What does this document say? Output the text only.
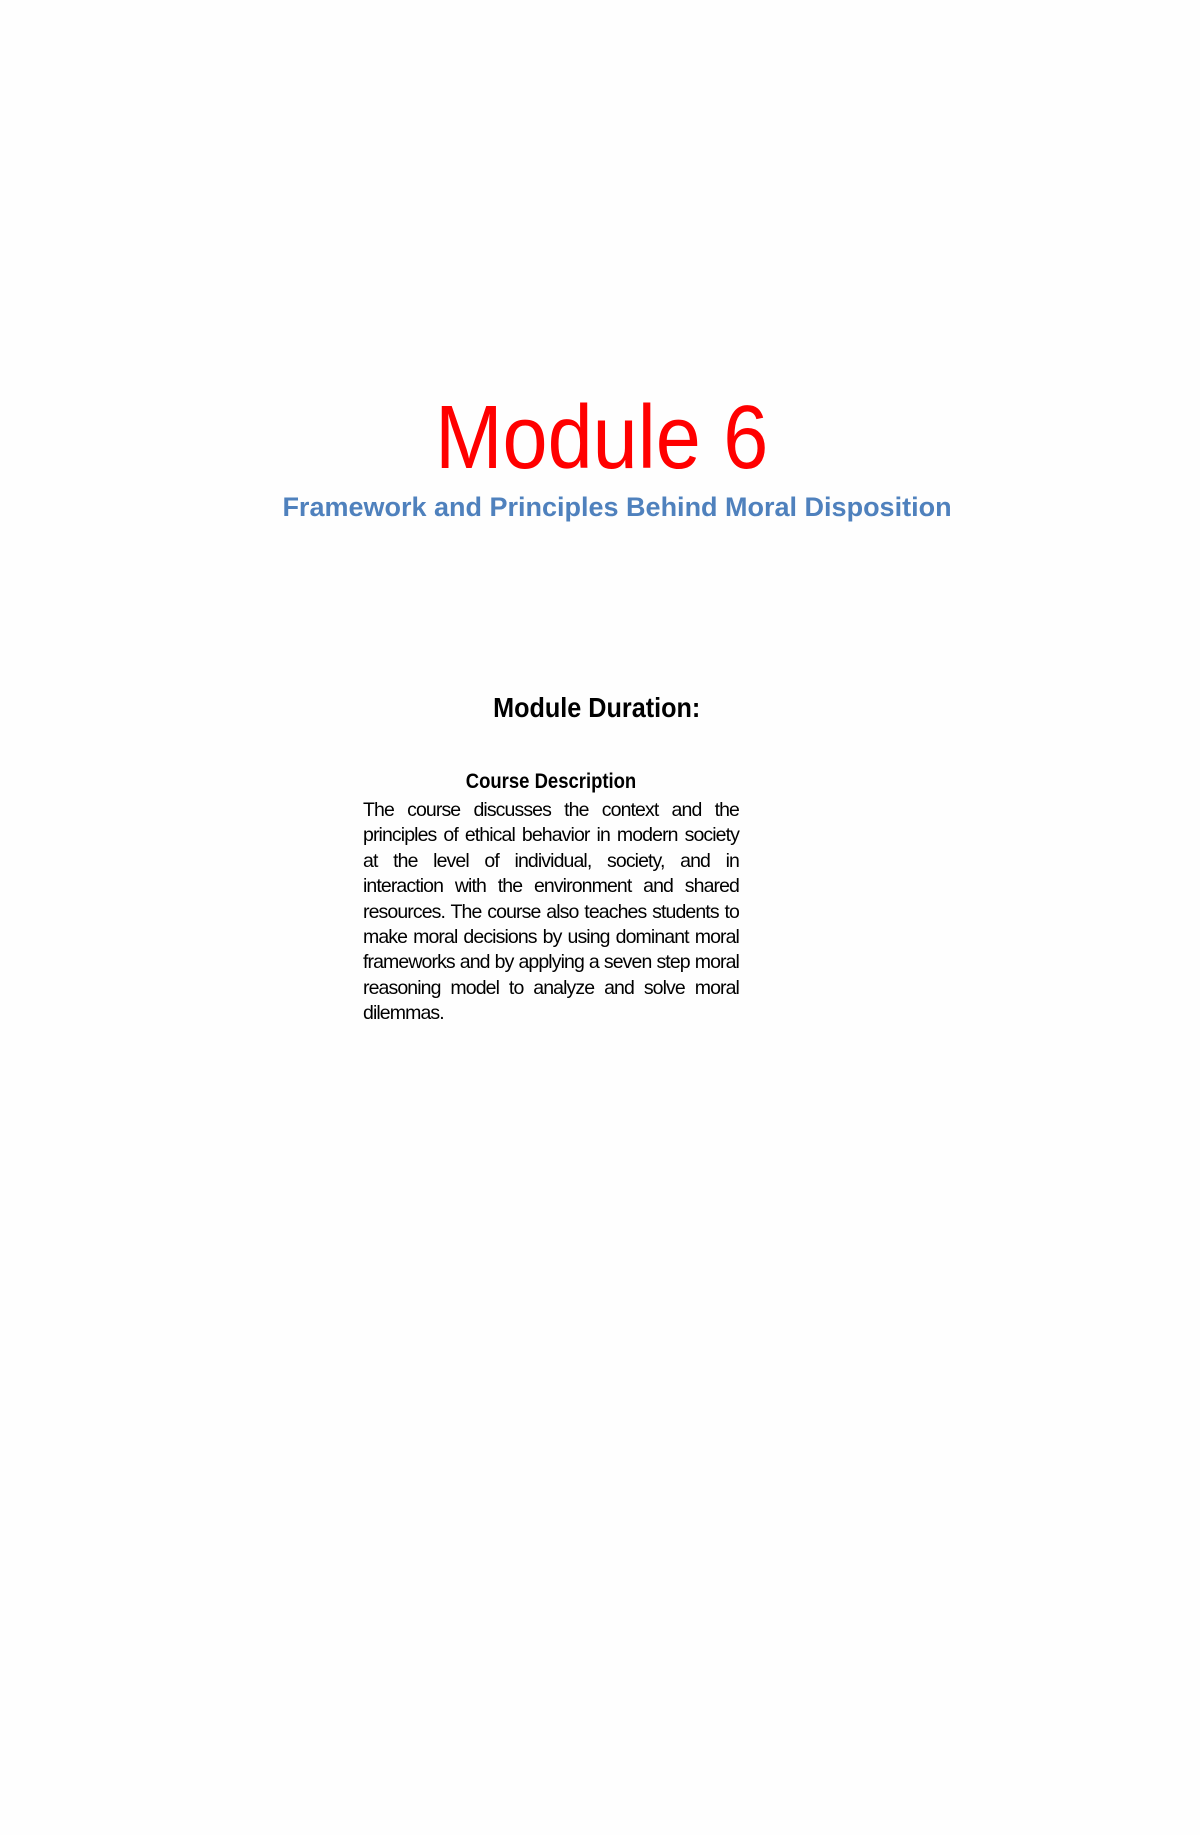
Module 6
Framework and Principles Behind Moral Disposition
Module Duration:
Course Description

The course discusses the context and the principles of ethical behavior in modern society at the level of individual, society, and in interaction with the environment and shared resources. The course also teaches students to make moral decisions by using dominant moral frameworks and by applying a seven step moral reasoning model to analyze and solve moral dilemmas.
